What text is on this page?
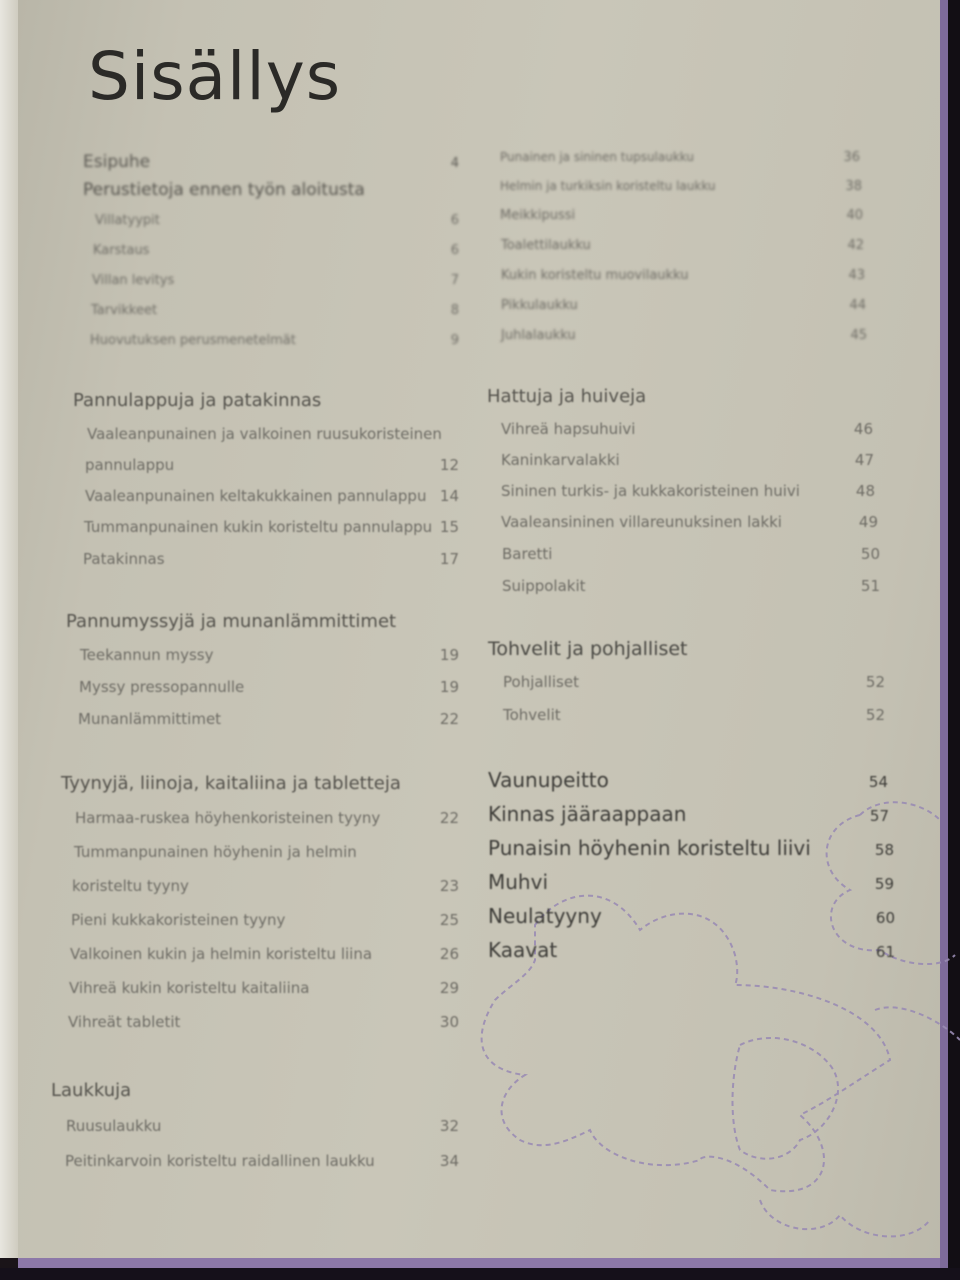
Sisällys
Esipuhe	4
Perustietoja ennen työn aloitusta
Villatyypit	6
Karstaus	6
Villan levitys	7
Tarvikkeet	8
Huovutuksen perusmenetelmät	9
Pannulappuja ja patakinnas
Vaaleanpunainen ja valkoinen ruusukoristeinen
pannulappu	12
Vaaleanpunainen keltakukkainen pannulappu 14
Tummanpunainen kukin koristeltu pannulappu 15
Patakinnas	17
Pannumyssyjä ja munanlämmittimet
Teekannun myssy	19
Myssy pressopannulle	19
Munanlämmittimet	22
Tyynyjä, liinoja, kaitaliina ja tabletteja
Harmaa-ruskea höyhenkoristeinen tyyny	22
Tummanpunainen höyhenin ja helmin
koristeltu tyyny	23
Pieni kukkakoristeinen tyyny	25
Valkoinen kukin ja helmin koristeltu liina	26
Vihreä kukin koristeltu kaitaliina	29
Vihreät tabletit	30
Laukkuja
Ruusulaukku	32
Peitinkarvoin koristeltu raidallinen laukku	34
Punainen ja sininen tupsulaukku	36
Helmin ja turkiksin koristeltu laukku	38
Meikkipussi	40
Toalettilaukku	42
Kukin koristeltu muovilaukku	43
Pikkulaukku	44
Juhlalaukku	45
Hattuja ja huiveja
Vihreä hapsuhuivi	46
Kaninkarvalakki	47
Sininen turkis- ja kukkakoristeinen huivi	48
Vaaleansininen villareunuksinen lakki	49
Baretti	50
Suippolakit	51
Tohvelit ja pohjalliset
Pohjalliset	52
Tohvelit	52
Vaunupeitto	54
Kinnas jääraappaan	57
Punaisin höyhenin koristeltu liivi	58
Muhvi	59
Neulatyyny	60
Kaavat	61
